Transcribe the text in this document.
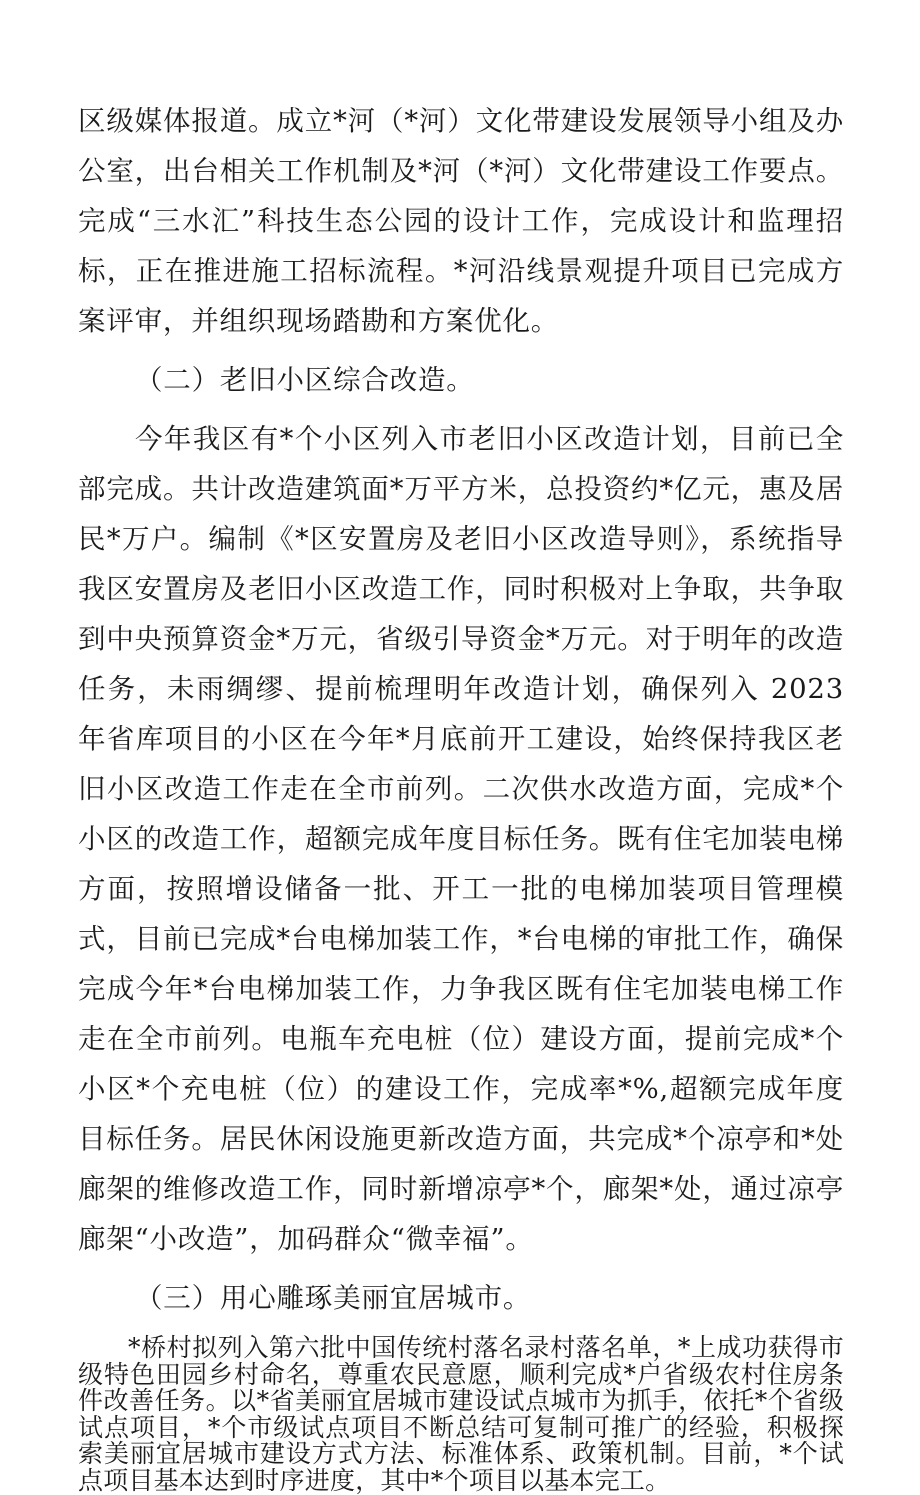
区级媒体报道。成立*河（*河）文化带建设发展领导小组及办公室，出台相关工作机制及*河（*河）文化带建设工作要点。完成“三水汇”科技生态公园的设计工作，完成设计和监理招标，正在推进施工招标流程。*河沿线景观提升项目已完成方案评审，并组织现场踏勘和方案优化。

（二）老旧小区综合改造。

今年我区有*个小区列入市老旧小区改造计划，目前已全部完成。共计改造建筑面*万平方米，总投资约*亿元，惠及居民*万户。编制《*区安置房及老旧小区改造导则》，系统指导我区安置房及老旧小区改造工作，同时积极对上争取，共争取到中央预算资金*万元，省级引导资金*万元。对于明年的改造任务，未雨绸缪、提前梳理明年改造计划，确保列入 2023 年省库项目的小区在今年*月底前开工建设，始终保持我区老旧小区改造工作走在全市前列。二次供水改造方面，完成*个小区的改造工作，超额完成年度目标任务。既有住宅加装电梯方面，按照增设储备一批、开工一批的电梯加装项目管理模式，目前已完成*台电梯加装工作，*台电梯的审批工作，确保完成今年*台电梯加装工作，力争我区既有住宅加装电梯工作走在全市前列。电瓶车充电桩（位）建设方面，提前完成*个小区*个充电桩（位）的建设工作，完成率*%,超额完成年度目标任务。居民休闲设施更新改造方面，共完成*个凉亭和*处廊架的维修改造工作，同时新增凉亭*个，廊架*处，通过凉亭廊架“小改造”，加码群众“微幸福”。

（三）用心雕琢美丽宜居城市。

*桥村拟列入第六批中国传统村落名录村落名单，*上成功获得市级特色田园乡村命名，尊重农民意愿，顺利完成*户省级农村住房条件改善任务。以*省美丽宜居城市建设试点城市为抓手，依托*个省级试点项目，*个市级试点项目不断总结可复制可推广的经验，积极探索美丽宜居城市建设方式方法、标准体系、政策机制。目前，*个试点项目基本达到时序进度，其中*个项目以基本完工。
